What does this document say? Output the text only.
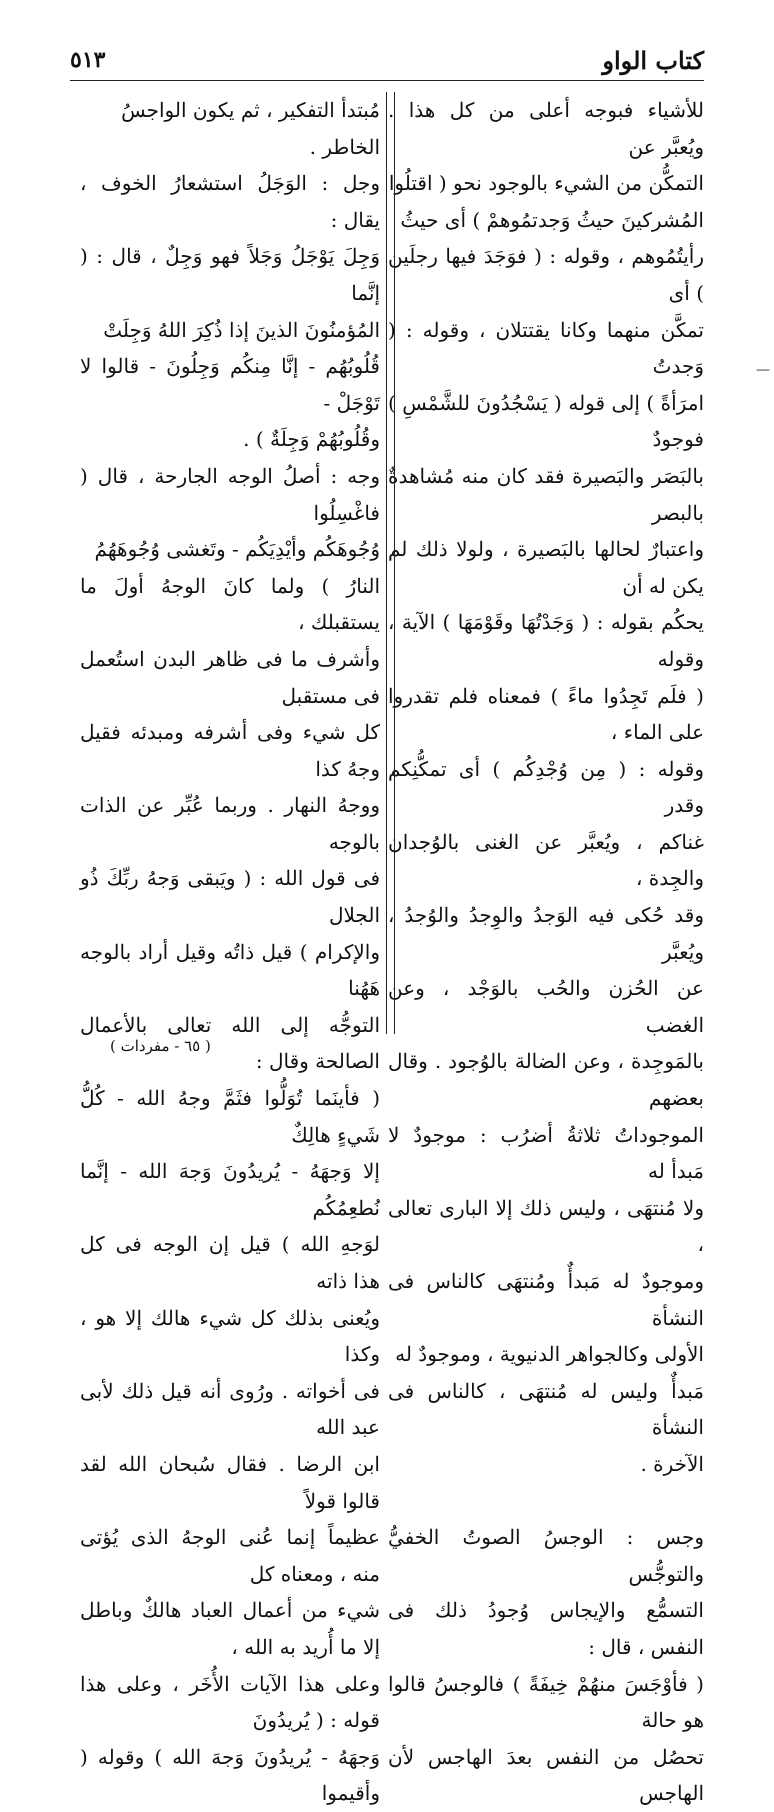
كتاب الواو
٥١٣

للأشياء فبوجه أعلى من كل هذا . ويُعبَّر عن

التمكُّن من الشيء بالوجود نحو ( اقتلُوا

المُشركينَ حيثُ وَجدتمُوهمْ ) أى حيثُ

رأيتُمُوهم ، وقوله : ( فوَجَدَ فيها رجلَين ) أى

تمكَّن منهما وكانا يقتتلان ، وقوله : ( وَجدتُ

امرَأةً ) إلى قوله ( يَسْجُدُونَ للشَّمْسِ ) فوجودٌ

بالبَصَر والبَصيرة فقد كان منه مُشاهدةٌ بالبصر

واعتبارٌ لحالها بالبَصيرة ، ولولا ذلك لم يكن له أن

يحكُم بقوله : ( وَجَدْتُهَا وقَوْمَهَا ) الآية ، وقوله

( فلَم تَجِدُوا ماءً ) فمعناه فلم تقدروا على الماء ،

وقوله : ( مِن وُجْدِكُم ) أى تمكُّنِكم وقدر

غناكم ، ويُعبَّر عن الغنى بالوُجدان والجِدة ،

وقد حُكى فيه الوَجدُ والوِجدُ والوُجدُ ، ويُعبَّر

عن الحُزن والحُب بالوَجْد ، وعن الغضب

بالمَوجِدة ، وعن الضالة بالوُجود . وقال بعضهم

الموجوداتُ ثلاثةُ أضرُب : موجودٌ لا مَبدأ له

ولا مُنتهَى ، وليس ذلك إلا البارى تعالى ،

وموجودٌ له مَبدأٌ ومُنتهَى كالناس فى النشأة

الأولى وكالجواهر الدنيوية ، وموجودٌ له

مَبدأٌ وليس له مُنتهَى ، كالناس فى النشأة

الآخرة .

وجس : الوجسُ الصوتُ الخفيُّ والتوجُّس

التسمُّع والإيجاس وُجودُ ذلك فى النفس ، قال :

( فأوْجَسَ منهُمْ خِيفَةً ) فالوجسُ قالوا هو حالة

تحصُل من النفس بعدَ الهاجس لأن الهاجس

مُبتدأ التفكير ، ثم يكون الواجسُ

الخاطر .

وجل : الوَجَلُ استشعارُ الخوف ، يقال :

وَجِلَ يَوْجَلُ وَجَلاً فهو وَجِلٌ ، قال : ( إنَّما

المُؤمنُونَ الذينَ إذا ذُكِرَ اللهُ وَجِلَتْ

قُلُوبُهُم - إنَّا مِنكُم وَجِلُونَ - قالوا لا تَوْجَلْ -

وقُلُوبُهُمْ وَجِلَةٌ ) .

وجه : أصلُ الوجه الجارحة ، قال ( فاغْسِلُوا

وُجُوهَكُم وأيْدِيَكُم - وتَغشى وُجُوهَهُمُ

النارُ ) ولما كانَ الوجهُ أولَ ما يستقبلك ،

وأشرف ما فى ظاهر البدن استُعمل فى مستقبل

كل شيء وفى أشرفه ومبدئه فقيل وجهُ كذا

ووجهُ النهار . وربما عُبِّر عن الذات بالوجه

فى قول الله : ( ويَبقى وَجهُ ربِّكَ ذُو الجلال

والإكرام ) قيل ذاتُه وقيل أراد بالوجه هَهُنا

التوجُّه إلى الله تعالى بالأعمال الصالحة وقال :

( فأينَما تُوَلُّوا فثَمَّ وجهُ الله - كُلُّ شَيءٍ هالِكٌ

إلا وَجهَهُ - يُريدُونَ وَجهَ الله - إنَّما نُطعِمُكُم

لوَجهِ الله ) قيل إن الوجه فى كل هذا ذاته

ويُعنى بذلك كل شيء هالك إلا هو ، وكذا

فى أخواته . ورُوى أنه قيل ذلك لأبى عبد الله

ابن الرضا . فقال سُبحان الله لقد قالوا قولاً

عظيماً إنما عُنى الوجهُ الذى يُؤتى منه ، ومعناه كل

شيء من أعمال العباد هالكٌ وباطل إلا ما أُريد به الله ،

وعلى هذا الآيات الأُخَر ، وعلى هذا قوله : ( يُريدُونَ

وَجهَهُ - يُريدُونَ وَجهَ الله ) وقوله ( وأقيموا

( ٦٥ - مفردات )
—
